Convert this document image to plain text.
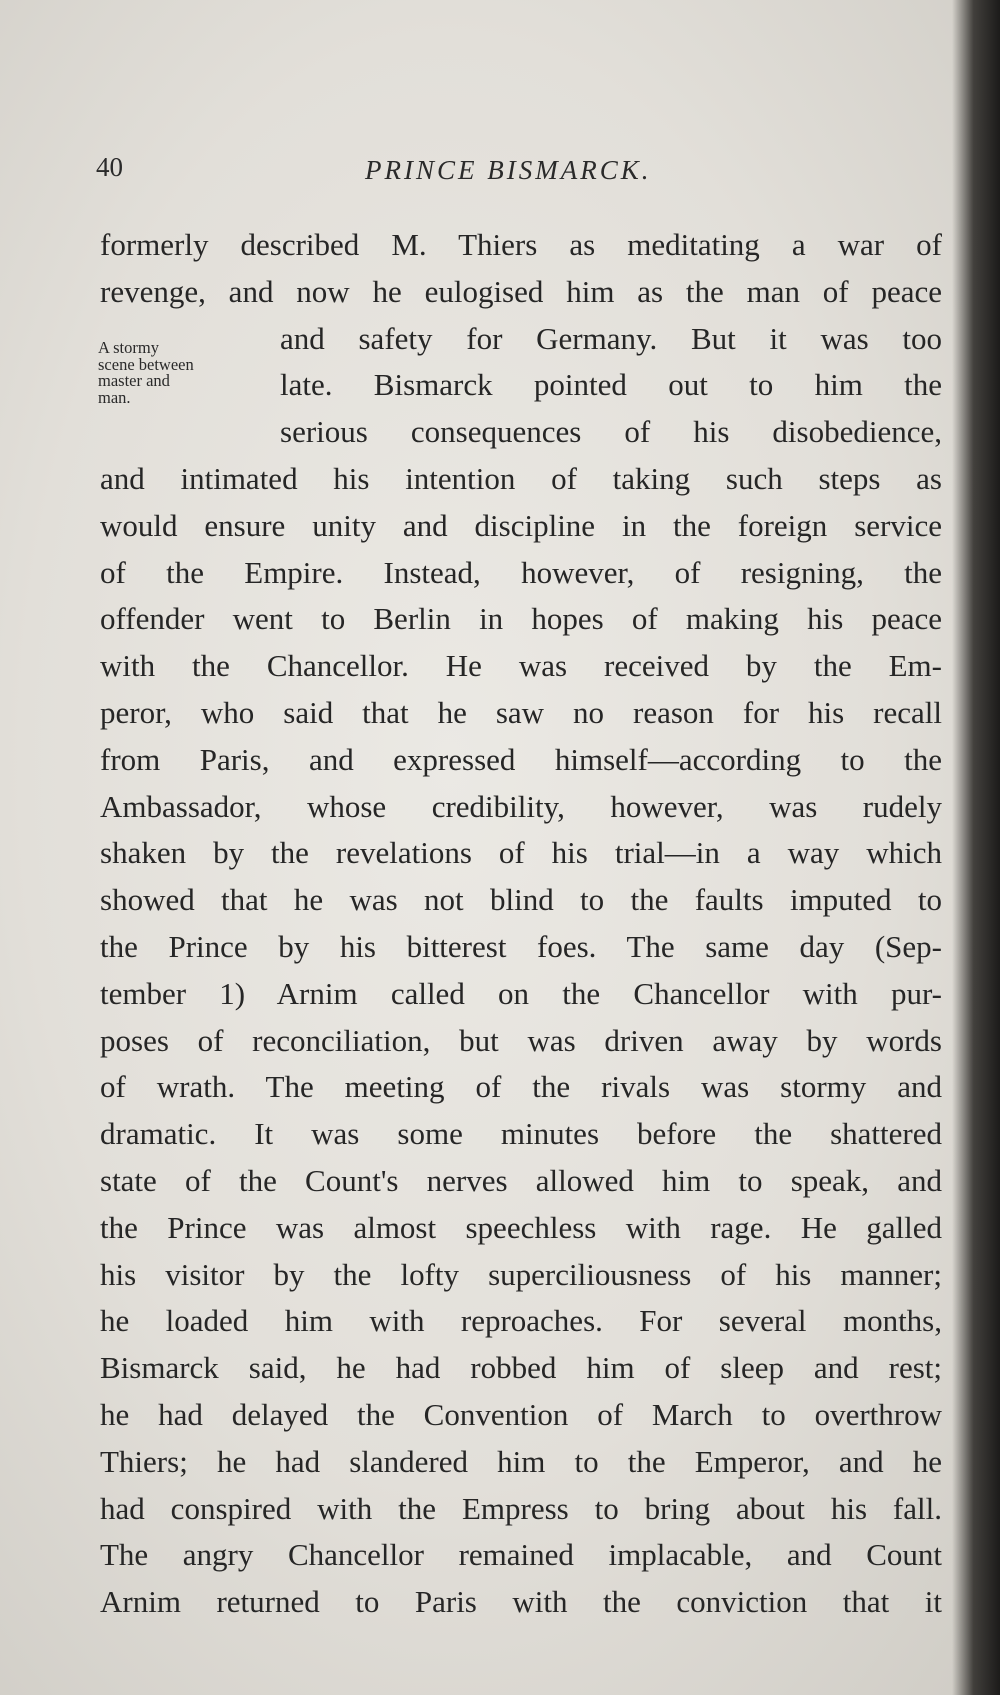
40	PRINCE BISMARCK.
A stormy
scene between
master and
man.
formerly described M. Thiers as meditating a war of
revenge, and now he eulogised him as the man of peace
and safety for Germany. But it was too
late. Bismarck pointed out to him the
serious consequences of his disobedience,
and intimated his intention of taking such steps as
would ensure unity and discipline in the foreign service
of the Empire. Instead, however, of resigning, the
offender went to Berlin in hopes of making his peace
with the Chancellor. He was received by the Em-
peror, who said that he saw no reason for his recall
from Paris, and expressed himself—according to the
Ambassador, whose credibility, however, was rudely
shaken by the revelations of his trial—in a way which
showed that he was not blind to the faults imputed to
the Prince by his bitterest foes. The same day (Sep-
tember 1) Arnim called on the Chancellor with pur-
poses of reconciliation, but was driven away by words
of wrath. The meeting of the rivals was stormy and
dramatic. It was some minutes before the shattered
state of the Count's nerves allowed him to speak, and
the Prince was almost speechless with rage. He galled
his visitor by the lofty superciliousness of his manner;
he loaded him with reproaches. For several months,
Bismarck said, he had robbed him of sleep and rest;
he had delayed the Convention of March to overthrow
Thiers; he had slandered him to the Emperor, and he
had conspired with the Empress to bring about his fall.
The angry Chancellor remained implacable, and Count
Arnim returned to Paris with the conviction that it
